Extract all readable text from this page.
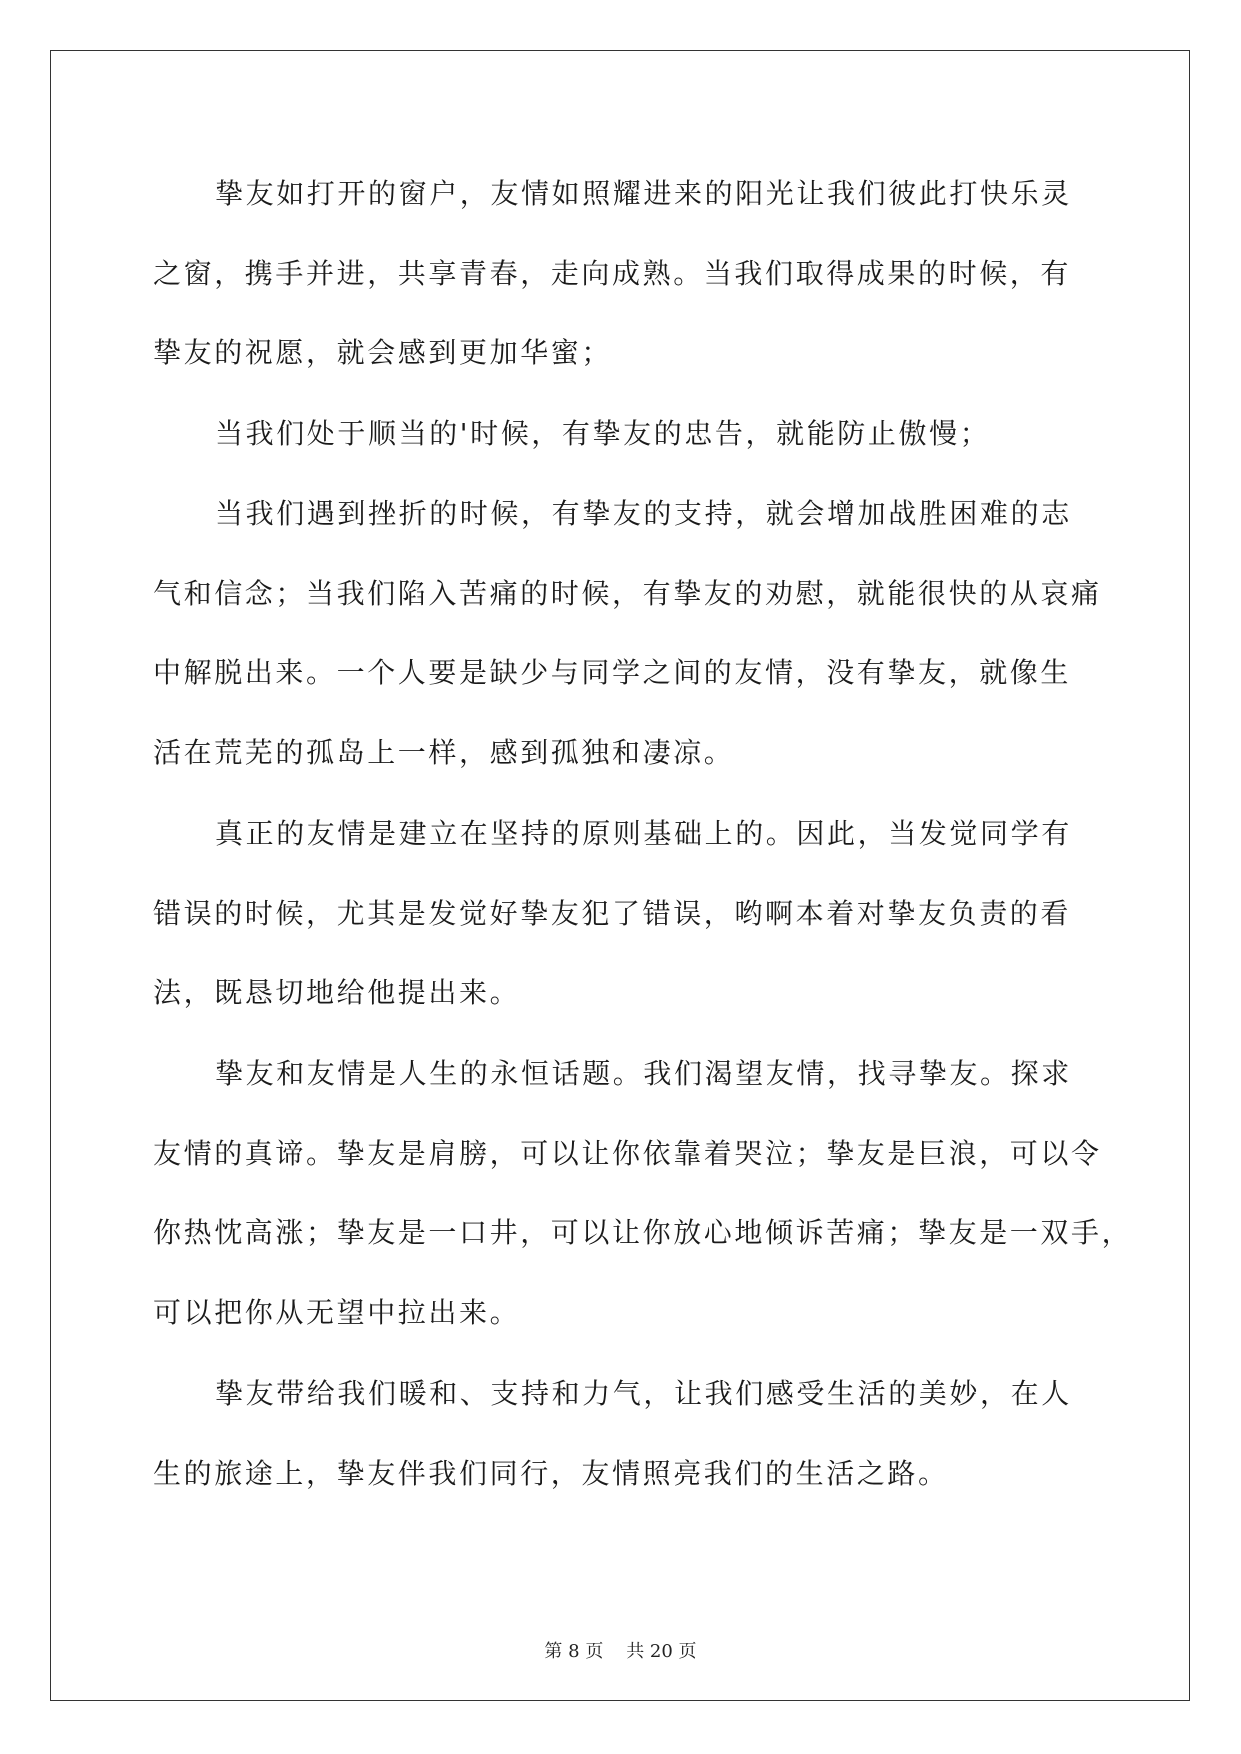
挚友如打开的窗户，友情如照耀进来的阳光让我们彼此打快乐灵
之窗，携手并进，共享青春，走向成熟。当我们取得成果的时候，有
挚友的祝愿，就会感到更加华蜜；
当我们处于顺当的'时候，有挚友的忠告，就能防止傲慢；
当我们遇到挫折的时候，有挚友的支持，就会增加战胜困难的志
气和信念；当我们陷入苦痛的时候，有挚友的劝慰，就能很快的从哀痛
中解脱出来。一个人要是缺少与同学之间的友情，没有挚友，就像生
活在荒芜的孤岛上一样，感到孤独和凄凉。
真正的友情是建立在坚持的原则基础上的。因此，当发觉同学有
错误的时候，尤其是发觉好挚友犯了错误，哟啊本着对挚友负责的看
法，既恳切地给他提出来。
挚友和友情是人生的永恒话题。我们渴望友情，找寻挚友。探求
友情的真谛。挚友是肩膀，可以让你依靠着哭泣；挚友是巨浪，可以令
你热忱高涨；挚友是一口井，可以让你放心地倾诉苦痛；挚友是一双手，
可以把你从无望中拉出来。
挚友带给我们暖和、支持和力气，让我们感受生活的美妙，在人
生的旅途上，挚友伴我们同行，友情照亮我们的生活之路。
第 8 页    共 20 页
